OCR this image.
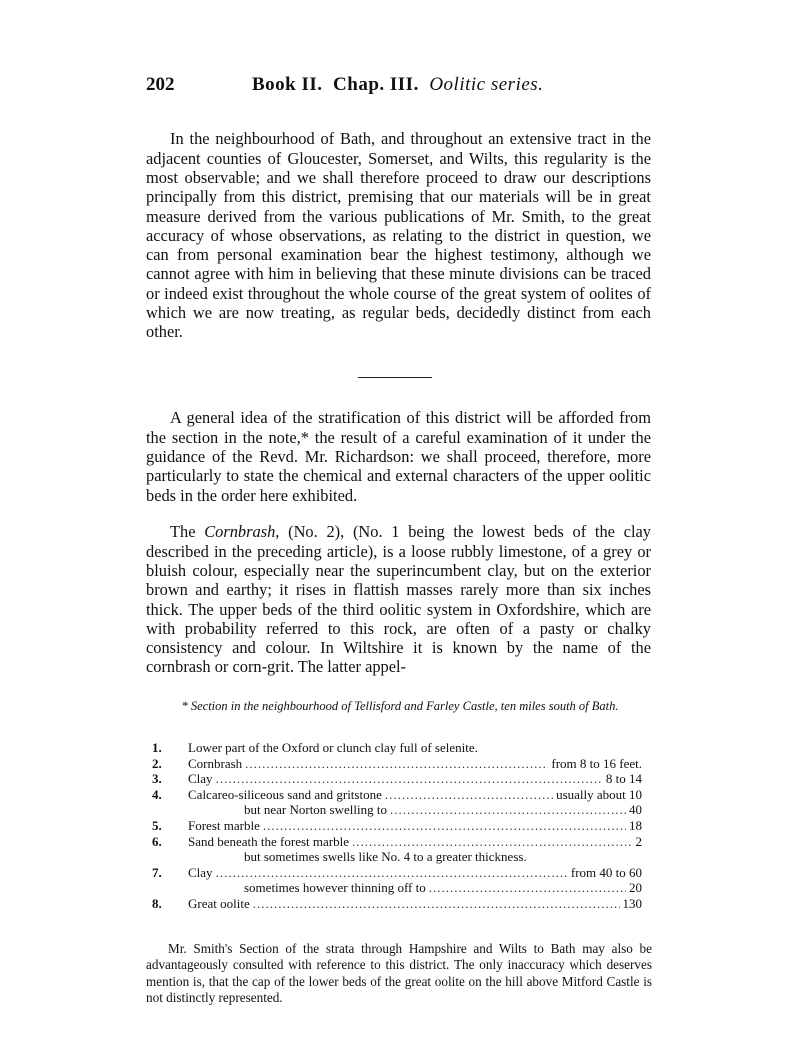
202	Book II. Chap. III. Oolitic series.

In the neighbourhood of Bath, and throughout an extensive tract in the adjacent counties of Gloucester, Somerset, and Wilts, this regularity is the most observable; and we shall therefore proceed to draw our descriptions principally from this district, premising that our materials will be in great measure derived from the various publications of Mr. Smith, to the great accuracy of whose observations, as relating to the district in question, we can from personal examination bear the highest testimony, although we cannot agree with him in believing that these minute divisions can be traced or indeed exist throughout the whole course of the great system of oolites of which we are now treating, as regular beds, decidedly distinct from each other.

A general idea of the stratification of this district will be afforded from the section in the note,* the result of a careful examination of it under the guidance of the Revd. Mr. Richardson: we shall proceed, therefore, more particularly to state the chemical and external characters of the upper oolitic beds in the order here exhibited.

The Cornbrash, (No. 2), (No. 1 being the lowest beds of the clay described in the preceding article), is a loose rubbly limestone, of a grey or bluish colour, especially near the superincumbent clay, but on the exterior brown and earthy; it rises in flattish masses rarely more than six inches thick. The upper beds of the third oolitic system in Oxfordshire, which are with probability referred to this rock, are often of a pasty or chalky consistency and colour. In Wiltshire it is known by the name of the cornbrash or corn-grit. The latter appel-

* Section in the neighbourhood of Tellisford and Farley Castle, ten miles south of Bath.
1.	Lower part of the Oxford or clunch clay full of selenite.
2.	Cornbrash .....	from 8 to 16 feet.
3.	Clay .....	8 to 14
4.	Calcareo-siliceous sand and gritstone .....	usually about 10
but near Norton swelling to .....	40
5.	Forest marble .....	18
6.	Sand beneath the forest marble .....	2
but sometimes swells like No. 4 to a greater thickness.
7.	Clay .....	from 40 to 60
sometimes however thinning off to .....	20
8.	Great oolite .....	130

Mr. Smith's Section of the strata through Hampshire and Wilts to Bath may also be advantageously consulted with reference to this district. The only inaccuracy which deserves mention is, that the cap of the lower beds of the great oolite on the hill above Mitford Castle is not distinctly represented.
